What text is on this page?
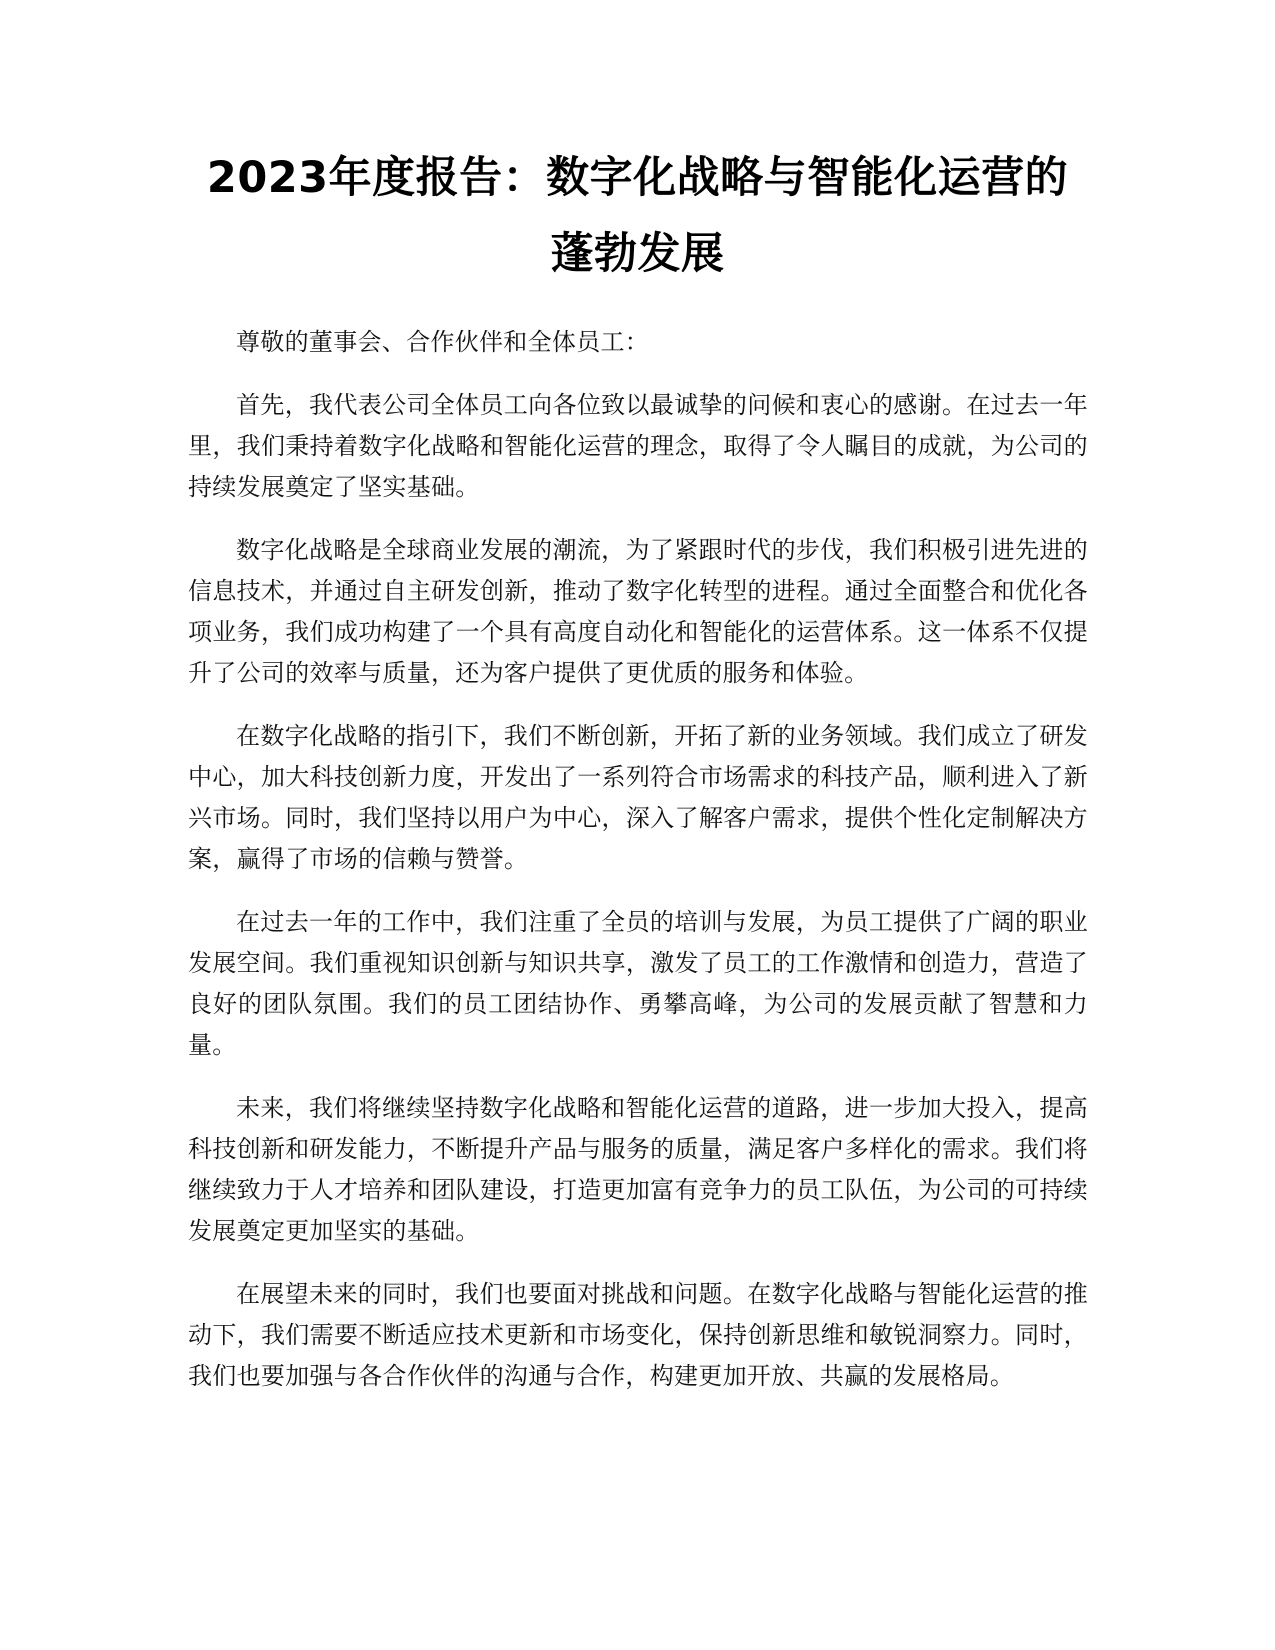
2023年度报告：数字化战略与智能化运营的蓬勃发展

尊敬的董事会、合作伙伴和全体员工：

首先，我代表公司全体员工向各位致以最诚挚的问候和衷心的感谢。在过去一年里，我们秉持着数字化战略和智能化运营的理念，取得了令人瞩目的成就，为公司的持续发展奠定了坚实基础。

数字化战略是全球商业发展的潮流，为了紧跟时代的步伐，我们积极引进先进的信息技术，并通过自主研发创新，推动了数字化转型的进程。通过全面整合和优化各项业务，我们成功构建了一个具有高度自动化和智能化的运营体系。这一体系不仅提升了公司的效率与质量，还为客户提供了更优质的服务和体验。

在数字化战略的指引下，我们不断创新，开拓了新的业务领域。我们成立了研发中心，加大科技创新力度，开发出了一系列符合市场需求的科技产品，顺利进入了新兴市场。同时，我们坚持以用户为中心，深入了解客户需求，提供个性化定制解决方案，赢得了市场的信赖与赞誉。

在过去一年的工作中，我们注重了全员的培训与发展，为员工提供了广阔的职业发展空间。我们重视知识创新与知识共享，激发了员工的工作激情和创造力，营造了良好的团队氛围。我们的员工团结协作、勇攀高峰，为公司的发展贡献了智慧和力量。

未来，我们将继续坚持数字化战略和智能化运营的道路，进一步加大投入，提高科技创新和研发能力，不断提升产品与服务的质量，满足客户多样化的需求。我们将继续致力于人才培养和团队建设，打造更加富有竞争力的员工队伍，为公司的可持续发展奠定更加坚实的基础。

在展望未来的同时，我们也要面对挑战和问题。在数字化战略与智能化运营的推动下，我们需要不断适应技术更新和市场变化，保持创新思维和敏锐洞察力。同时，我们也要加强与各合作伙伴的沟通与合作，构建更加开放、共赢的发展格局。
